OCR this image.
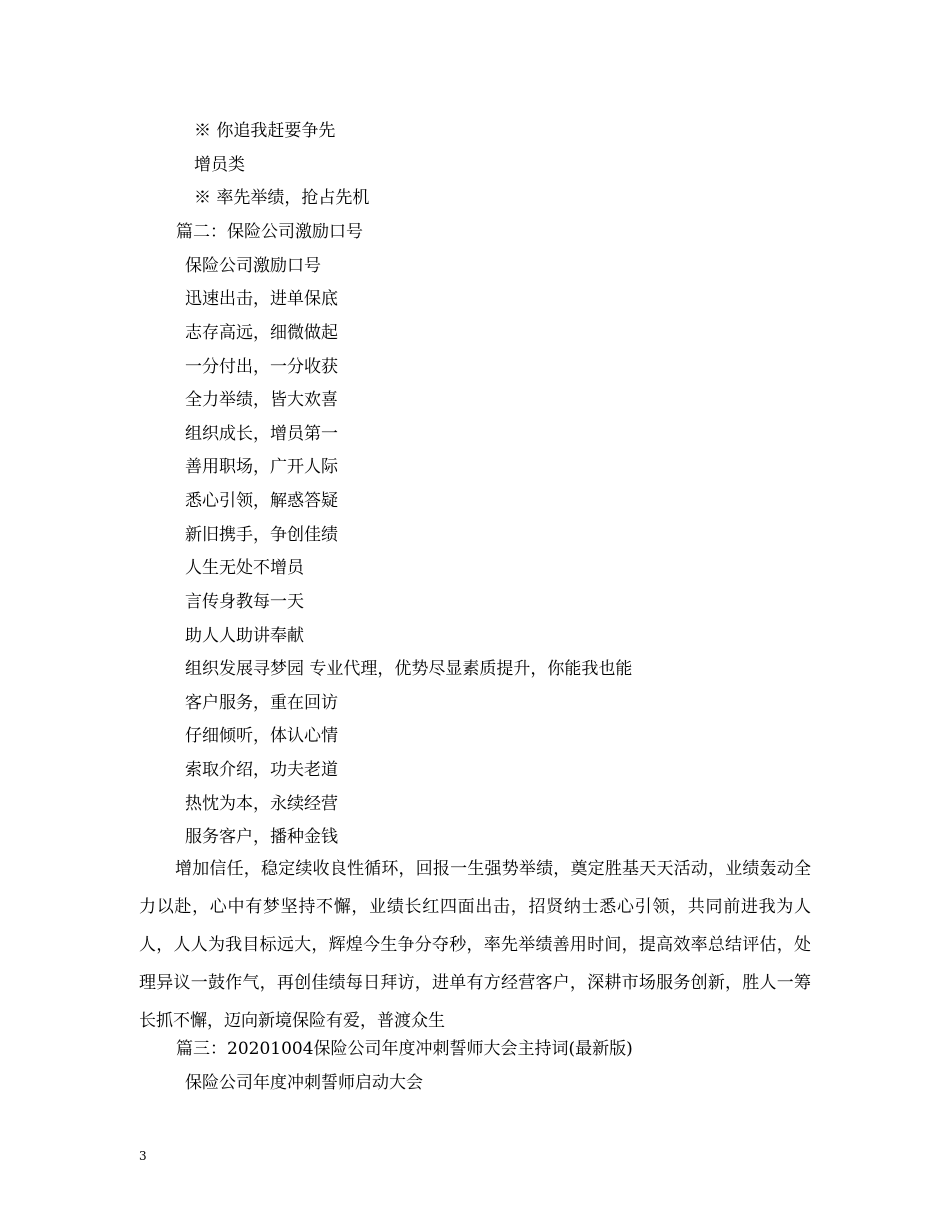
※ 你追我赶要争先
增员类
※ 率先举绩，抢占先机
篇二：保险公司激励口号
保险公司激励口号
迅速出击，进单保底
志存高远，细微做起
一分付出，一分收获
全力举绩，皆大欢喜
组织成长，增员第一
善用职场，广开人际
悉心引领，解惑答疑
新旧携手，争创佳绩
人生无处不增员
言传身教每一天
助人人助讲奉献
组织发展寻梦园 专业代理，优势尽显素质提升，你能我也能
客户服务，重在回访
仔细倾听，体认心情
索取介绍，功夫老道
热忱为本，永续经营
服务客户，播种金钱
增加信任，稳定续收良性循环，回报一生强势举绩，奠定胜基天天活动，业绩轰动全力以赴，心中有梦坚持不懈，业绩长红四面出击，招贤纳士悉心引领，共同前进我为人人，人人为我目标远大，辉煌今生争分夺秒，率先举绩善用时间，提高效率总结评估，处理异议一鼓作气，再创佳绩每日拜访，进单有方经营客户，深耕市场服务创新，胜人一筹长抓不懈，迈向新境保险有爱，普渡众生
篇三：20201004保险公司年度冲刺誓师大会主持词(最新版)
保险公司年度冲刺誓师启动大会
3
